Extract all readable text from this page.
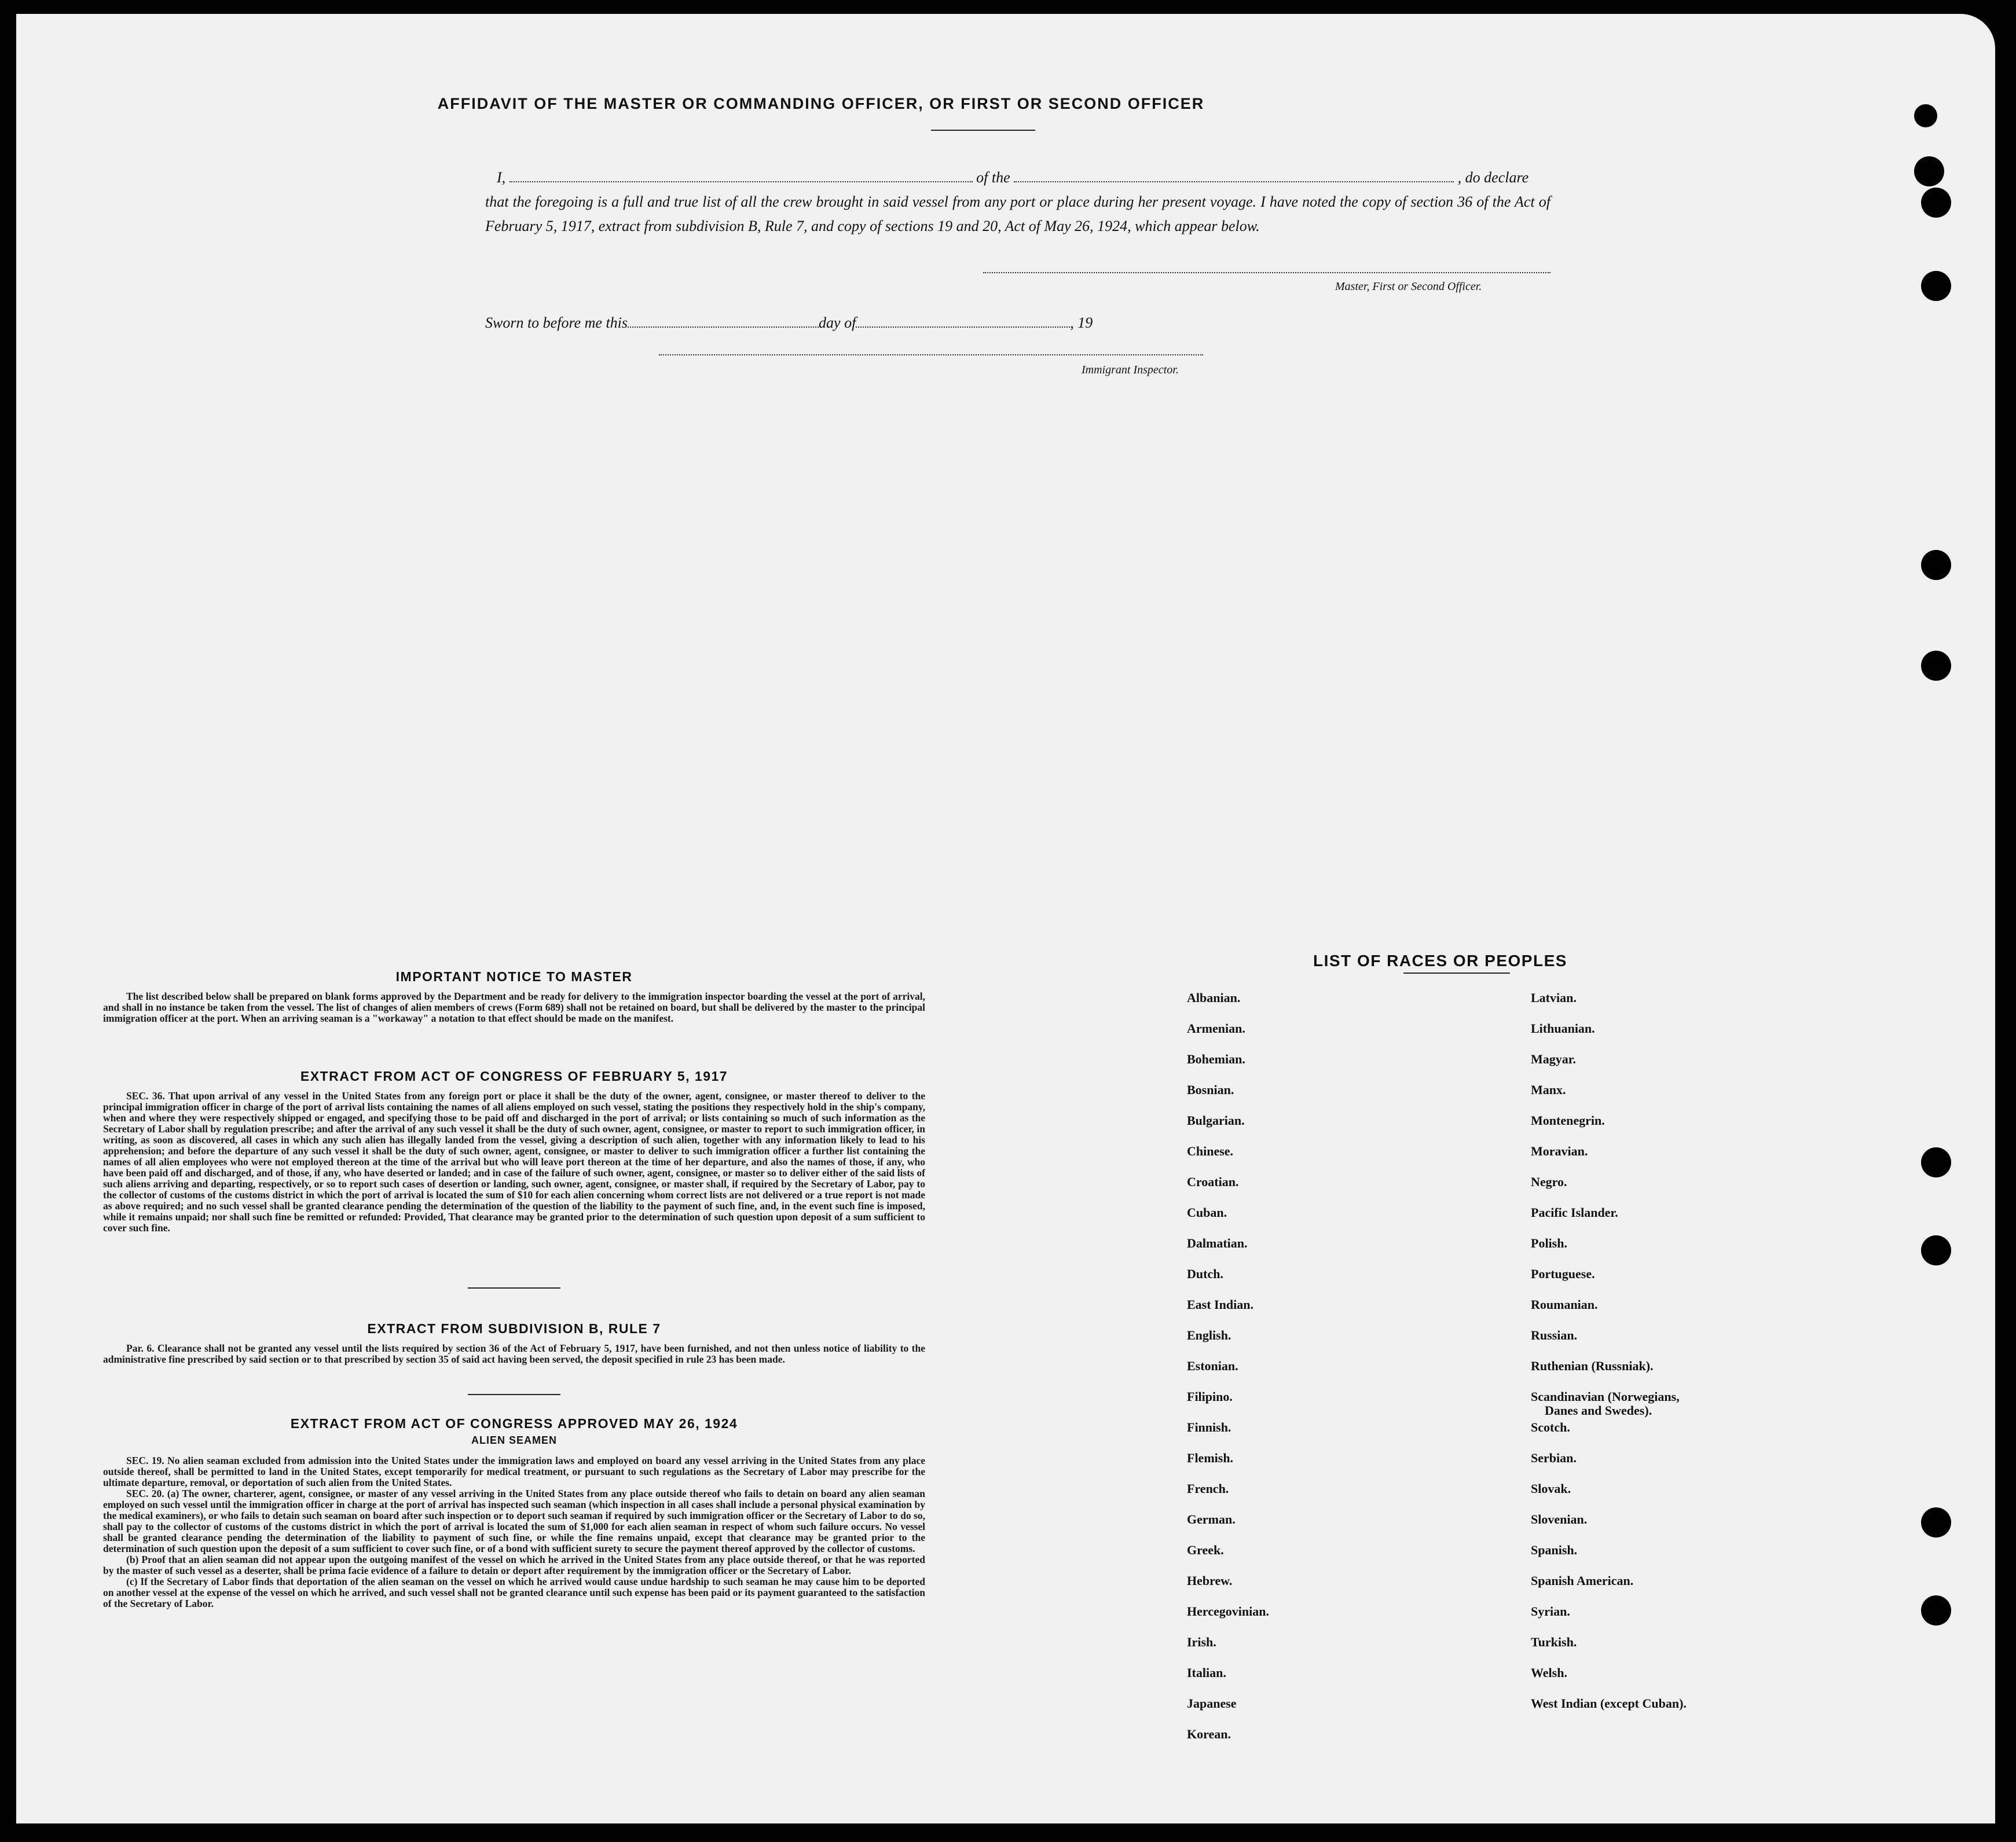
AFFIDAVIT OF THE MASTER OR COMMANDING OFFICER, OR FIRST OR SECOND OFFICER
I,	of the	, do declare
that the foregoing is a full and true list of all the crew brought in said vessel from any port or place during her present voyage. I have noted the copy of section 36 of the Act of February 5, 1917, extract from subdivision B, Rule 7, and copy of sections 19 and 20, Act of May 26, 1924, which appear below.
Master, First or Second Officer.
Sworn to before me this	day of	, 19
Immigrant Inspector.
IMPORTANT NOTICE TO MASTER

The list described below shall be prepared on blank forms approved by the Department and be ready for delivery to the immigration inspector boarding the vessel at the port of arrival, and shall in no instance be taken from the vessel. The list of changes of alien members of crews (Form 689) shall not be retained on board, but shall be delivered by the master to the principal immigration officer at the port. When an arriving seaman is a "workaway" a notation to that effect should be made on the manifest.

EXTRACT FROM ACT OF CONGRESS OF FEBRUARY 5, 1917

SEC. 36. That upon arrival of any vessel in the United States from any foreign port or place it shall be the duty of the owner, agent, consignee, or master thereof to deliver to the principal immigration officer in charge of the port of arrival lists containing the names of all aliens employed on such vessel, stating the positions they respectively hold in the ship's company, when and where they were respectively shipped or engaged, and specifying those to be paid off and discharged in the port of arrival; or lists containing so much of such information as the Secretary of Labor shall by regulation prescribe; and after the arrival of any such vessel it shall be the duty of such owner, agent, consignee, or master to report to such immigration officer, in writing, as soon as discovered, all cases in which any such alien has illegally landed from the vessel, giving a description of such alien, together with any information likely to lead to his apprehension; and before the departure of any such vessel it shall be the duty of such owner, agent, consignee, or master to deliver to such immigration officer a further list containing the names of all alien employees who were not employed thereon at the time of the arrival but who will leave port thereon at the time of her departure, and also the names of those, if any, who have been paid off and discharged, and of those, if any, who have deserted or landed; and in case of the failure of such owner, agent, consignee, or master so to deliver either of the said lists of such aliens arriving and departing, respectively, or so to report such cases of desertion or landing, such owner, agent, consignee, or master shall, if required by the Secretary of Labor, pay to the collector of customs of the customs district in which the port of arrival is located the sum of $10 for each alien concerning whom correct lists are not delivered or a true report is not made as above required; and no such vessel shall be granted clearance pending the determination of the question of the liability to the payment of such fine, and, in the event such fine is imposed, while it remains unpaid; nor shall such fine be remitted or refunded: Provided, That clearance may be granted prior to the determination of such question upon deposit of a sum sufficient to cover such fine.

EXTRACT FROM SUBDIVISION B, RULE 7

Par. 6. Clearance shall not be granted any vessel until the lists required by section 36 of the Act of February 5, 1917, have been furnished, and not then unless notice of liability to the administrative fine prescribed by said section or to that prescribed by section 35 of said act having been served, the deposit specified in rule 23 has been made.

EXTRACT FROM ACT OF CONGRESS APPROVED MAY 26, 1924
ALIEN SEAMEN

SEC. 19. No alien seaman excluded from admission into the United States under the immigration laws and employed on board any vessel arriving in the United States from any place outside thereof, shall be permitted to land in the United States, except temporarily for medical treatment, or pursuant to such regulations as the Secretary of Labor may prescribe for the ultimate departure, removal, or deportation of such alien from the United States.

SEC. 20. (a) The owner, charterer, agent, consignee, or master of any vessel arriving in the United States from any place outside thereof who fails to detain on board any alien seaman employed on such vessel until the immigration officer in charge at the port of arrival has inspected such seaman (which inspection in all cases shall include a personal physical examination by the medical examiners), or who fails to detain such seaman on board after such inspection or to deport such seaman if required by such immigration officer or the Secretary of Labor to do so, shall pay to the collector of customs of the customs district in which the port of arrival is located the sum of $1,000 for each alien seaman in respect of whom such failure occurs. No vessel shall be granted clearance pending the determination of the liability to payment of such fine, or while the fine remains unpaid, except that clearance may be granted prior to the determination of such question upon the deposit of a sum sufficient to cover such fine, or of a bond with sufficient surety to secure the payment thereof approved by the collector of customs.

(b) Proof that an alien seaman did not appear upon the outgoing manifest of the vessel on which he arrived in the United States from any place outside thereof, or that he was reported by the master of such vessel as a deserter, shall be prima facie evidence of a failure to detain or deport after requirement by the immigration officer or the Secretary of Labor.

(c) If the Secretary of Labor finds that deportation of the alien seaman on the vessel on which he arrived would cause undue hardship to such seaman he may cause him to be deported on another vessel at the expense of the vessel on which he arrived, and such vessel shall not be granted clearance until such expense has been paid or its payment guaranteed to the satisfaction of the Secretary of Labor.

LIST OF RACES OR PEOPLES
Albanian.
Armenian.
Bohemian.
Bosnian.
Bulgarian.
Chinese.
Croatian.
Cuban.
Dalmatian.
Dutch.
East Indian.
English.
Estonian.
Filipino.
Finnish.
Flemish.
French.
German.
Greek.
Hebrew.
Hercegovinian.
Irish.
Italian.
Japanese
Korean.
Latvian.
Lithuanian.
Magyar.
Manx.
Montenegrin.
Moravian.
Negro.
Pacific Islander.
Polish.
Portuguese.
Roumanian.
Russian.
Ruthenian (Russniak).
Scandinavian (Norwegians,
Danes and Swedes).
Scotch.
Serbian.
Slovak.
Slovenian.
Spanish.
Spanish American.
Syrian.
Turkish.
Welsh.
West Indian (except Cuban).
